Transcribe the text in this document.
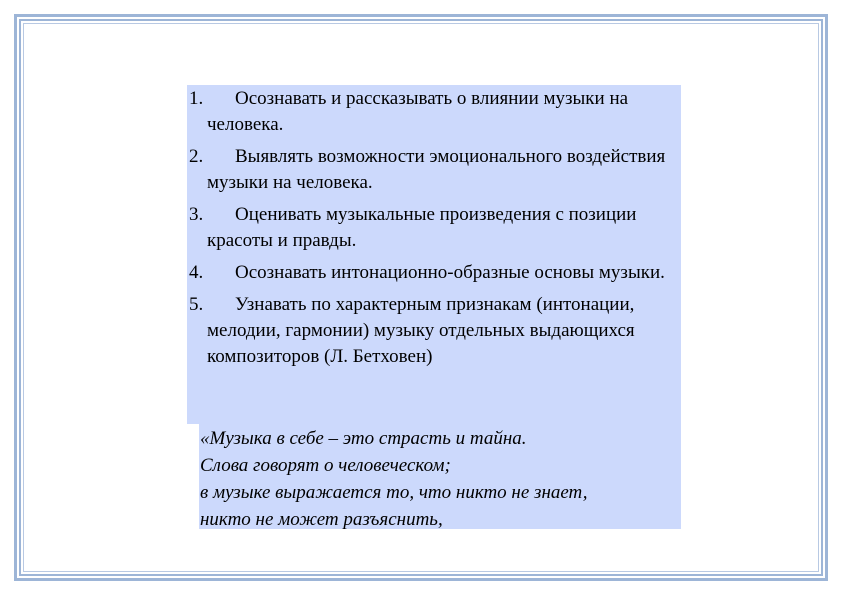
1.	Осознавать и рассказывать о влиянии музыки на человека.
2.	Выявлять возможности эмоционального воздействия музыки на человека.
3.	Оценивать музыкальные произведения с позиции красоты и правды.
4.	Осознавать интонационно-образные основы музыки.
5.	Узнавать по характерным признакам (интонации, мелодии, гармонии) музыку отдельных выдающихся композиторов (Л. Бетховен)
«Музыка в себе – это страсть и тайна.
Слова говорят о человеческом;
в музыке выражается то, что никто не знает,
никто не может разъяснить,
